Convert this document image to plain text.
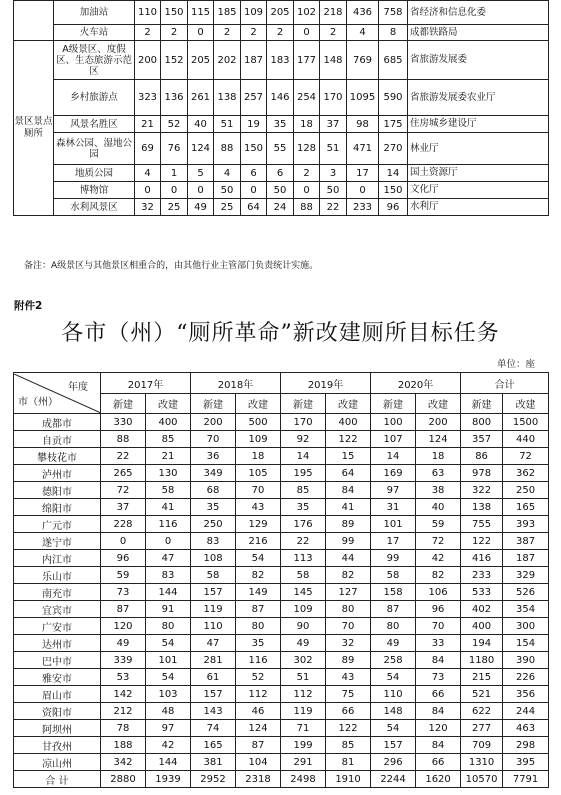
	加油站	110	150	115	185	109	205	102	218	436	758	省经济和信息化委
	火车站	2	2	0	2	2	2	0	2	4	8	成都铁路局
景区景点厕所	A级景区、度假区、生态旅游示范区	200	152	205	202	187	183	177	148	769	685	省旅游发展委
	乡村旅游点	323	136	261	138	257	146	254	170	1095	590	省旅游发展委农业厅
	风景名胜区	21	52	40	51	19	35	18	37	98	175	住房城乡建设厅
	森林公园、湿地公园	69	76	124	88	150	55	128	51	471	270	林业厅
	地质公园	4	1	5	4	6	6	2	3	17	14	国土资源厅
	博物馆	0	0	0	50	0	50	0	50	0	150	文化厅
	水利风景区	32	25	49	25	64	24	88	22	233	96	水利厅
备注：A级景区与其他景区相重合的，由其他行业主管部门负责统计实施。
附件2
各市（州）“厕所革命”新改建厕所目标任务
单位：座
年度
市（州）	2017年		2018年		2019年		2020年		合计	
	新建	改建	新建	改建	新建	改建	新建	改建	新建	改建
成都市	330	400	200	500	170	400	100	200	800	1500
自贡市	88	85	70	109	92	122	107	124	357	440
攀枝花市	22	21	36	18	14	15	14	18	86	72
泸州市	265	130	349	105	195	64	169	63	978	362
德阳市	72	58	68	70	85	84	97	38	322	250
绵阳市	37	41	35	43	35	41	31	40	138	165
广元市	228	116	250	129	176	89	101	59	755	393
遂宁市	0	0	83	216	22	99	17	72	122	387
内江市	96	47	108	54	113	44	99	42	416	187
乐山市	59	83	58	82	58	82	58	82	233	329
南充市	73	144	157	149	145	127	158	106	533	526
宜宾市	87	91	119	87	109	80	87	96	402	354
广安市	120	80	110	80	90	70	80	70	400	300
达州市	49	54	47	35	49	32	49	33	194	154
巴中市	339	101	281	116	302	89	258	84	1180	390
雅安市	53	54	61	52	51	43	54	73	215	226
眉山市	142	103	157	112	112	75	110	66	521	356
资阳市	212	48	143	46	119	66	148	84	622	244
阿坝州	78	97	74	124	71	122	54	120	277	463
甘孜州	188	42	165	87	199	85	157	84	709	298
凉山州	342	144	381	104	291	81	296	66	1310	395
合 计	2880	1939	2952	2318	2498	1910	2244	1620	10570	7791
